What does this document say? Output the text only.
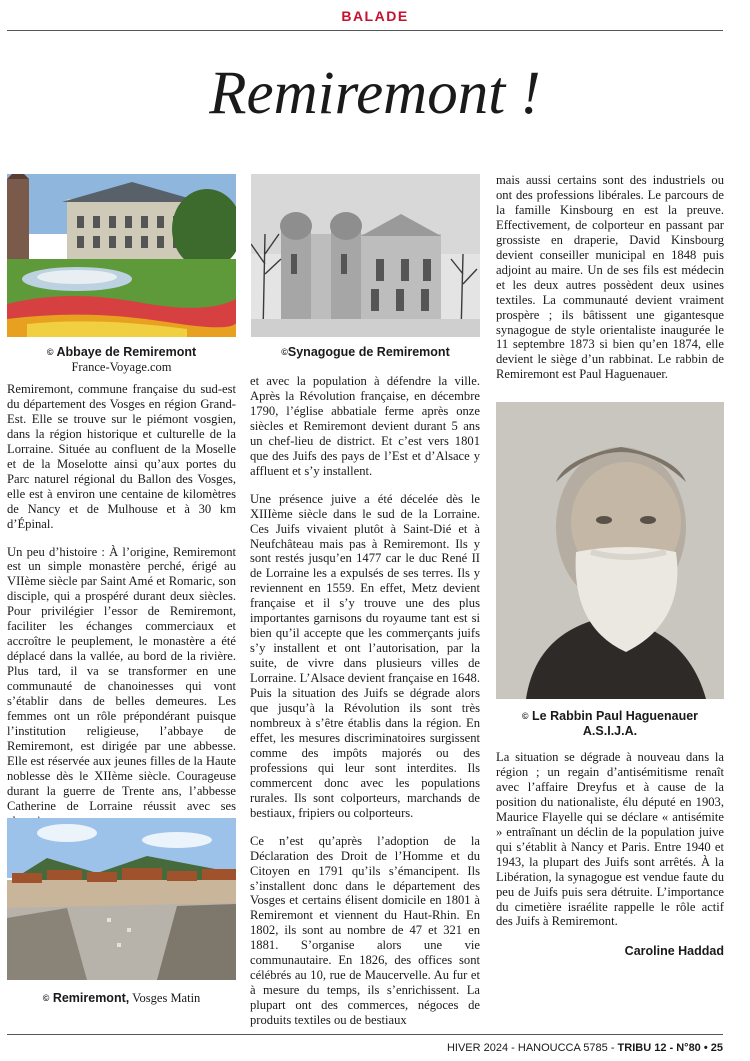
BALADE
Remiremont !
© Abbaye de Remiremont
France-Voyage.com
©Synagogue de Remiremont

Remiremont, commune française du sud-est du département des Vosges en région Grand-Est. Elle se trouve sur le piémont vosgien, dans la région historique et culturelle de la Lorraine. Située au confluent de la Moselle et de la Moselotte ainsi qu’aux portes du Parc naturel régional du Ballon des Vosges, elle est à environ une centaine de kilomètres de Nancy et de Mulhouse et à 30 km d’Épinal.

Un peu d’histoire : À l’origine, Remiremont est un simple monastère perché, érigé au VIIème siècle par Saint Amé et Romaric, son disciple, qui a prospéré durant deux siècles. Pour privilégier l’essor de Remiremont, faciliter les échanges commerciaux et accroître le peuplement, le monastère a été déplacé dans la vallée, au bord de la rivière. Plus tard, il va se transformer en une communauté de chanoinesses qui vont s’établir dans de belles demeures. Les femmes ont un rôle prépondérant puisque l’institution religieuse, l’abbaye de Remiremont, est dirigée par une abbesse. Elle est réservée aux jeunes filles de la Haute noblesse dès le XIIème siècle. Courageuse durant la guerre de Trente ans, l’abbesse Catherine de Lorraine réussit avec ses

© Remiremont, Vosges Matin

et avec la population à défendre la ville. Après la Révolution française, en décembre 1790, l’église abbatiale ferme après onze siècles et Remiremont devient durant 5 ans un chef-lieu de district. Et c’est vers 1801 que des Juifs des pays de l’Est et d’Alsace y affluent et s’y installent.

Une présence juive a été décelée dès le XIIIème siècle dans le sud de la Lorraine. Ces Juifs vivaient plutôt à Saint-Dié et à Neufchâteau mais pas à Remiremont. Ils y sont restés jusqu’en 1477 car le duc René II de Lorraine les a expulsés de ses terres. Ils y reviennent en 1559. En effet, Metz devient française et il s’y trouve une des plus importantes garnisons du royaume tant est si bien qu’il accepte que les commerçants juifs s’y installent et ont l’autorisation, par la suite, de vivre dans plusieurs villes de Lorraine. L’Alsace devient française en 1648. Puis la situation des Juifs se dégrade alors que jusqu’à la Révolution ils sont très nombreux à s’être établis dans la région. En effet, les mesures discriminatoires surgissent comme des impôts majorés ou des professions qui leur sont interdites. Ils commercent donc avec les populations rurales. Ils sont colporteurs, marchands de bestiaux, fripiers ou colporteurs.

Ce n’est qu’après l’adoption de la Déclaration des Droit de l’Homme et du Citoyen en 1791 qu’ils s’émancipent. Ils s’installent donc dans le département des Vosges et certains élisent domicile en 1801 à Remiremont et viennent du Haut-Rhin. En 1802, ils sont au nombre de 47 et 321 en 1881. S’organise alors une vie communautaire. En 1826, des offices sont célébrés au 10, rue de Maucervelle. Au fur et à mesure du temps, ils s’enrichissent. La plupart ont des commerces, négoces de produits textiles ou de bestiaux

mais aussi certains sont des industriels ou ont des professions libérales. Le parcours de la famille Kinsbourg en est la preuve. Effectivement, de colporteur en passant par grossiste en draperie, David Kinsbourg devient conseiller municipal en 1848 puis adjoint au maire. Un de ses fils est médecin et les deux autres possèdent deux usines textiles. La communauté devient vraiment prospère ; ils bâtissent une gigantesque synagogue de style orientaliste inaugurée le 11 septembre 1873 si bien qu’en 1874, elle devient le siège d’un rabbinat. Le rabbin de Remiremont est Paul Haguenauer.

© Le Rabbin Paul Haguenauer
A.S.I.J.A.

La situation se dégrade à nouveau dans la région ; un regain d’antisémitisme renaît avec l’affaire Dreyfus et à cause de la position du nationaliste, élu député en 1903, Maurice Flayelle qui se déclare « antisémite » entraînant un déclin de la population juive qui s’établit à Nancy et Paris. Entre 1940 et 1943, la plupart des Juifs sont arrêtés. À la Libération, la synagogue est vendue faute du peu de Juifs puis sera détruite. L’importance du cimetière israélite rappelle le rôle actif des Juifs à Remiremont.

Caroline Haddad
HIVER 2024 - HANOUCCA 5785 - TRIBU 12 - N°80 • 25
